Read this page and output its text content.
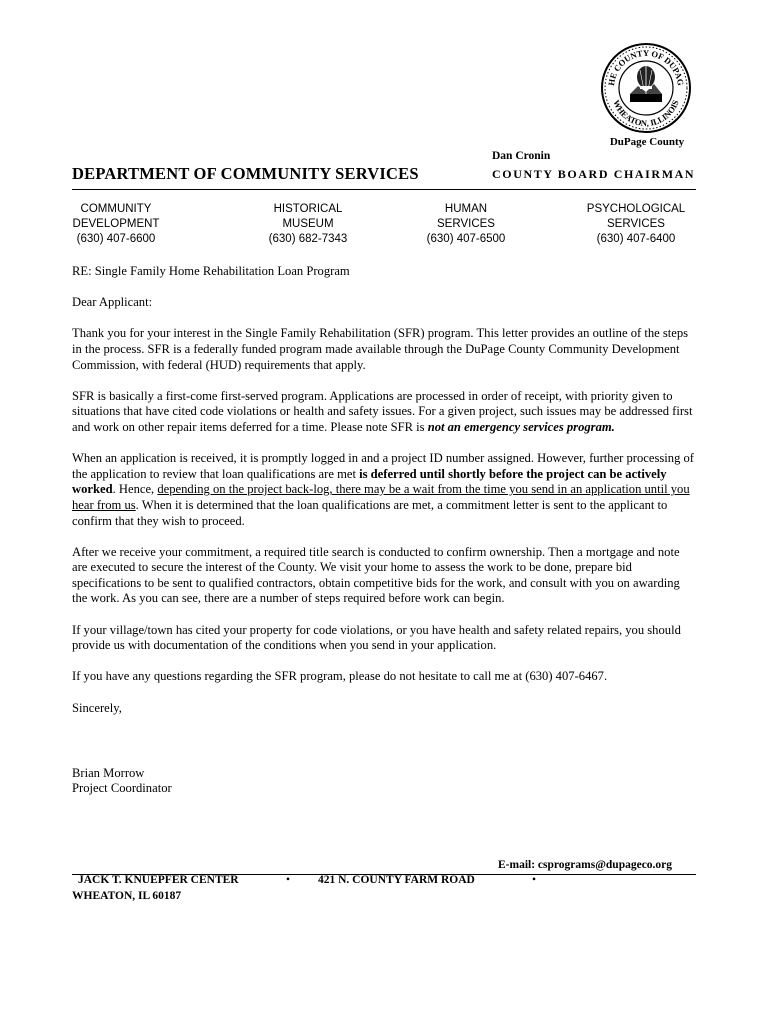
HE COUNTY OF DUPAG
WHEATON, ILLINOIS
DuPage County
Dan Cronin
COUNTY BOARD CHAIRMAN
DEPARTMENT OF COMMUNITY SERVICES
COMMUNITY
DEVELOPMENT
(630) 407-6600
HISTORICAL
MUSEUM
(630) 682-7343
HUMAN
SERVICES
(630) 407-6500
PSYCHOLOGICAL
SERVICES
(630) 407-6400

RE: Single Family Home Rehabilitation Loan Program

Dear Applicant:

Thank you for your interest in the Single Family Rehabilitation (SFR) program. This letter provides an outline of the steps in the process. SFR is a federally funded program made available through the DuPage County Community Development Commission, with federal (HUD) requirements that apply.

SFR is basically a first-come first-served program. Applications are processed in order of receipt, with priority given to situations that have cited code violations or health and safety issues. For a given project, such issues may be addressed first and work on other repair items deferred for a time. Please note SFR is not an emergency services program.

When an application is received, it is promptly logged in and a project ID number assigned. However, further processing of the application to review that loan qualifications are met is deferred until shortly before the project can be actively worked. Hence, depending on the project back-log, there may be a wait from the time you send in an application until you hear from us. When it is determined that the loan qualifications are met, a commitment letter is sent to the applicant to confirm that they wish to proceed.

After we receive your commitment, a required title search is conducted to confirm ownership. Then a mortgage and note are executed to secure the interest of the County. We visit your home to assess the work to be done, prepare bid specifications to be sent to qualified contractors, obtain competitive bids for the work, and consult with you on awarding the work. As you can see, there are a number of steps required before work can begin.

If your village/town has cited your property for code violations, or you have health and safety related repairs, you should provide us with documentation of the conditions when you send in your application.

If you have any questions regarding the SFR program, please do not hesitate to call me at (630) 407-6467.

Sincerely,

Brian Morrow
Project Coordinator
E-mail: csprograms@dupageco.org
JACK T. KNUEPFER CENTER	• 421 N. COUNTY FARM ROAD	•
WHEATON, IL 60187
